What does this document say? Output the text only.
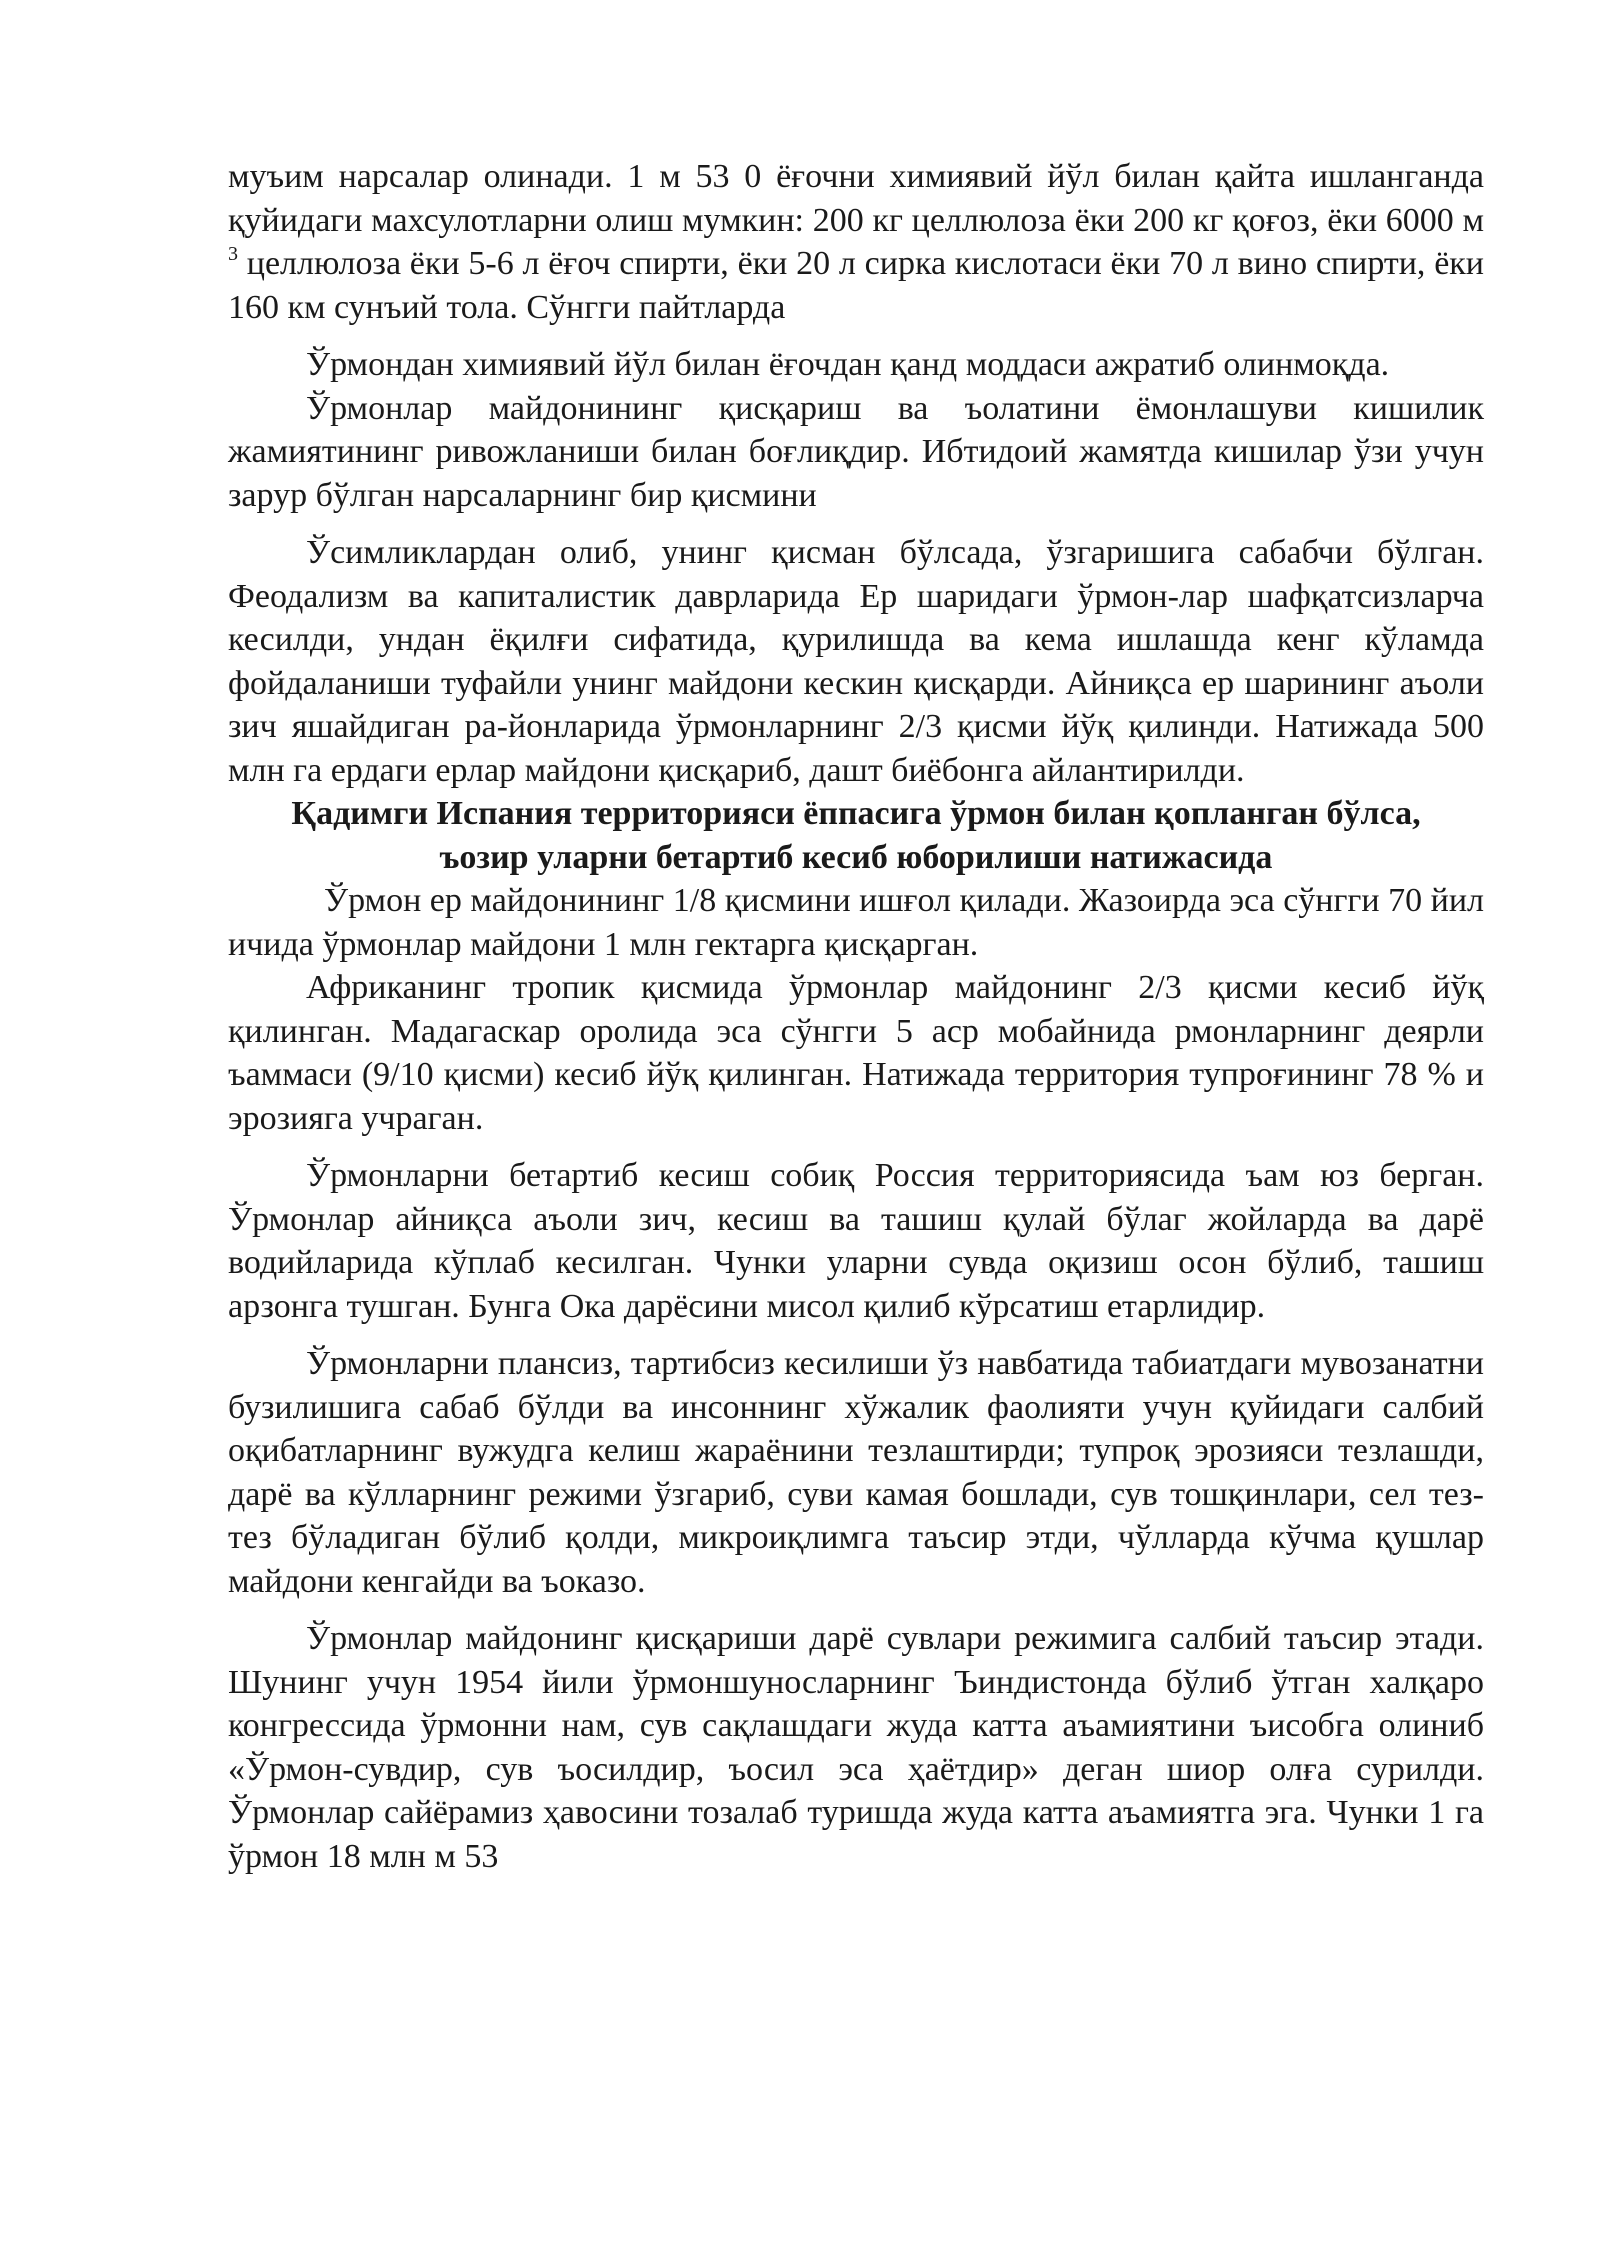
муъим нарсалар олинади. 1 м 53 0 ёғочни химиявий йўл билан қайта ишланганда қуйидаги махсулотларни олиш мумкин: 200 кг целлюлоза ёки 200 кг қоғоз, ёки 6000 м $^3$ целлюлоза ёки 5-6 л ёғоч спирти, ёки 20 л сирка кислотаси ёки 70 л вино спирти, ёки 160 км сунъий тола. Сўнгги пайтларда

Ўрмондан химиявий йўл билан ёғочдан қанд моддаси ажратиб олинмоқда.

Ўрмонлар майдонининг қисқариш ва ъолатини ёмонлашуви кишилик жамиятининг ривожланиши билан боғлиқдир. Ибтидоий жамятда кишилар ўзи учун зарур бўлган нарсаларнинг бир қисмини

Ўсимликлардан олиб, унинг қисман бўлсада, ўзгаришига сабабчи бўлган. Феодализм ва капиталистик даврларида Ер шаридаги ўрмон-лар шафқатсизларча кесилди, ундан ёқилғи сифатида, қурилишда ва кема ишлашда кенг кўламда фойдаланиши туфайли унинг майдони кескин қисқарди. Айниқса ер шарининг аъоли зич яшайдиган ра-йонларида ўрмонларнинг 2/3 қисми йўқ қилинди. Натижада 500 млн га ердаги ерлар майдони қисқариб, дашт биёбонга айлантирилди.

Қадимги Испания территорияси ёппасига ўрмон билан қопланган бўлса,

ъозир уларни бетартиб кесиб юборилиши натижасида

Ўрмон ер майдонининг 1/8 қисмини ишғол қилади. Жазоирда эса сўнгги 70 йил ичида ўрмонлар майдони 1 млн гектарга қисқарган.

Африканинг тропик қисмида ўрмонлар майдонинг 2/3 қисми кесиб йўқ қилинган. Мадагаскар оролида эса сўнгги 5 аср мобайнида рмонларнинг деярли ъаммаси (9/10 қисми) кесиб йўқ қилинган. Натижада территория тупроғининг 78 % и эрозияга учраган.

Ўрмонларни бетартиб кесиш собиқ Россия территориясида ъам юз берган. Ўрмонлар айниқса аъоли зич, кесиш ва ташиш қулай бўлаг жойларда ва дарё водийларида кўплаб кесилган. Чунки уларни сувда оқизиш осон бўлиб, ташиш арзонга тушган. Бунга Ока дарёсини мисол қилиб кўрсатиш етарлидир.

Ўрмонларни плансиз, тартибсиз кесилиши ўз навбатида табиатдаги мувозанатни бузилишига сабаб бўлди ва инсоннинг хўжалик фаолияти учун қуйидаги салбий оқибатларнинг вужудга келиш жараёнини тезлаштирди; тупроқ эрозияси тезлашди, дарё ва кўлларнинг режими ўзгариб, суви камая бошлади, сув тошқинлари, сел тез-тез бўладиган бўлиб қолди, микроиқлимга таъсир этди, чўлларда кўчма қушлар майдони кенгайди ва ъоказо.

Ўрмонлар майдонинг қисқариши дарё сувлари режимига салбий таъсир этади. Шунинг учун 1954 йили ўрмоншуносларнинг Ъиндистонда бўлиб ўтган халқаро конгрессида ўрмонни нам, сув сақлашдаги жуда катта аъамиятини ъисобга олиниб «Ўрмон-сувдир, сув ъосилдир, ъосил эса ҳаётдир» деган шиор олға сурилди. Ўрмонлар сайёрамиз ҳавосини тозалаб туришда жуда катта аъамиятга эга. Чунки 1 га ўрмон 18 млн м 53
